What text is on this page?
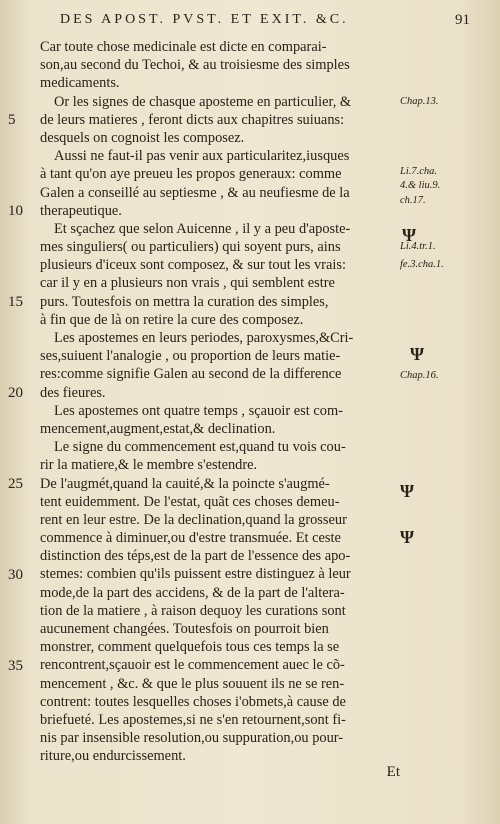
DES APOST. PVST. ET EXIT. &C.	91
Car toute chose medicinale est dicte en comparai-
son,au second du Techoi, & au troisiesme des simples
medicaments.
Or les signes de chasque aposteme en particulier, &
de leurs matieres , feront dicts aux chapitres suiuans:
desquels on cognoist les composez.
Aussi ne faut-il pas venir aux particularitez,iusques
à tant qu'on aye preueu les propos generaux: comme
Galen a conseillé au septiesme , & au neufiesme de la
therapeutique.
Et sçachez que selon Auicenne , il y a peu d'aposte-
mes singuliers( ou particuliers) qui soyent purs, ains
plusieurs d'iceux sont composez, & sur tout les vrais:
car il y en a plusieurs non vrais , qui semblent estre
purs. Toutesfois on mettra la curation des simples,
à fin que de là on retire la cure des composez.
Les apostemes en leurs periodes, paroxysmes,&Cri-
ses,suiuent l'analogie , ou proportion de leurs matie-
res:comme signifie Galen au second de la difference
des fieures.
Les apostemes ont quatre temps , sçauoir est com-
mencement,augment,estat,& declination.
Le signe du commencement est,quand tu vois cou-
rir la matiere,& le membre s'estendre.
De l'augmét,quand la cauité,& la poincte s'augmé-
tent euidemment. De l'estat, quãt ces choses demeu-
rent en leur estre. De la declination,quand la grosseur
commence à diminuer,ou d'estre transmuée. Et ceste
distinction des téps,est de la part de l'essence des apo-
stemes: combien qu'ils puissent estre distinguez à leur
mode,de la part des accidens, & de la part de l'altera-
tion de la matiere , à raison dequoy les curations sont
aucunement changées. Toutesfois on pourroit bien
monstrer, comment quelquefois tous ces temps la se
rencontrent,sçauoir est le commencement auec le cõ-
mencement , &c. & que le plus souuent ils ne se ren-
contrent: toutes lesquelles choses i'obmets,à cause de
briefueté. Les apostemes,si ne s'en retournent,sont fi-
nis par insensible resolution,ou suppuration,ou pour-
riture,ou endurcissement.
5
10
15
20
25
30
35
Chap.13.
Li.7.cha.
4.& liu.9.
ch.17.
Li.4.tr.1.
fe.3.cha.1.
Chap.16.
Ψ
Ψ
Ψ
Ψ
Et
